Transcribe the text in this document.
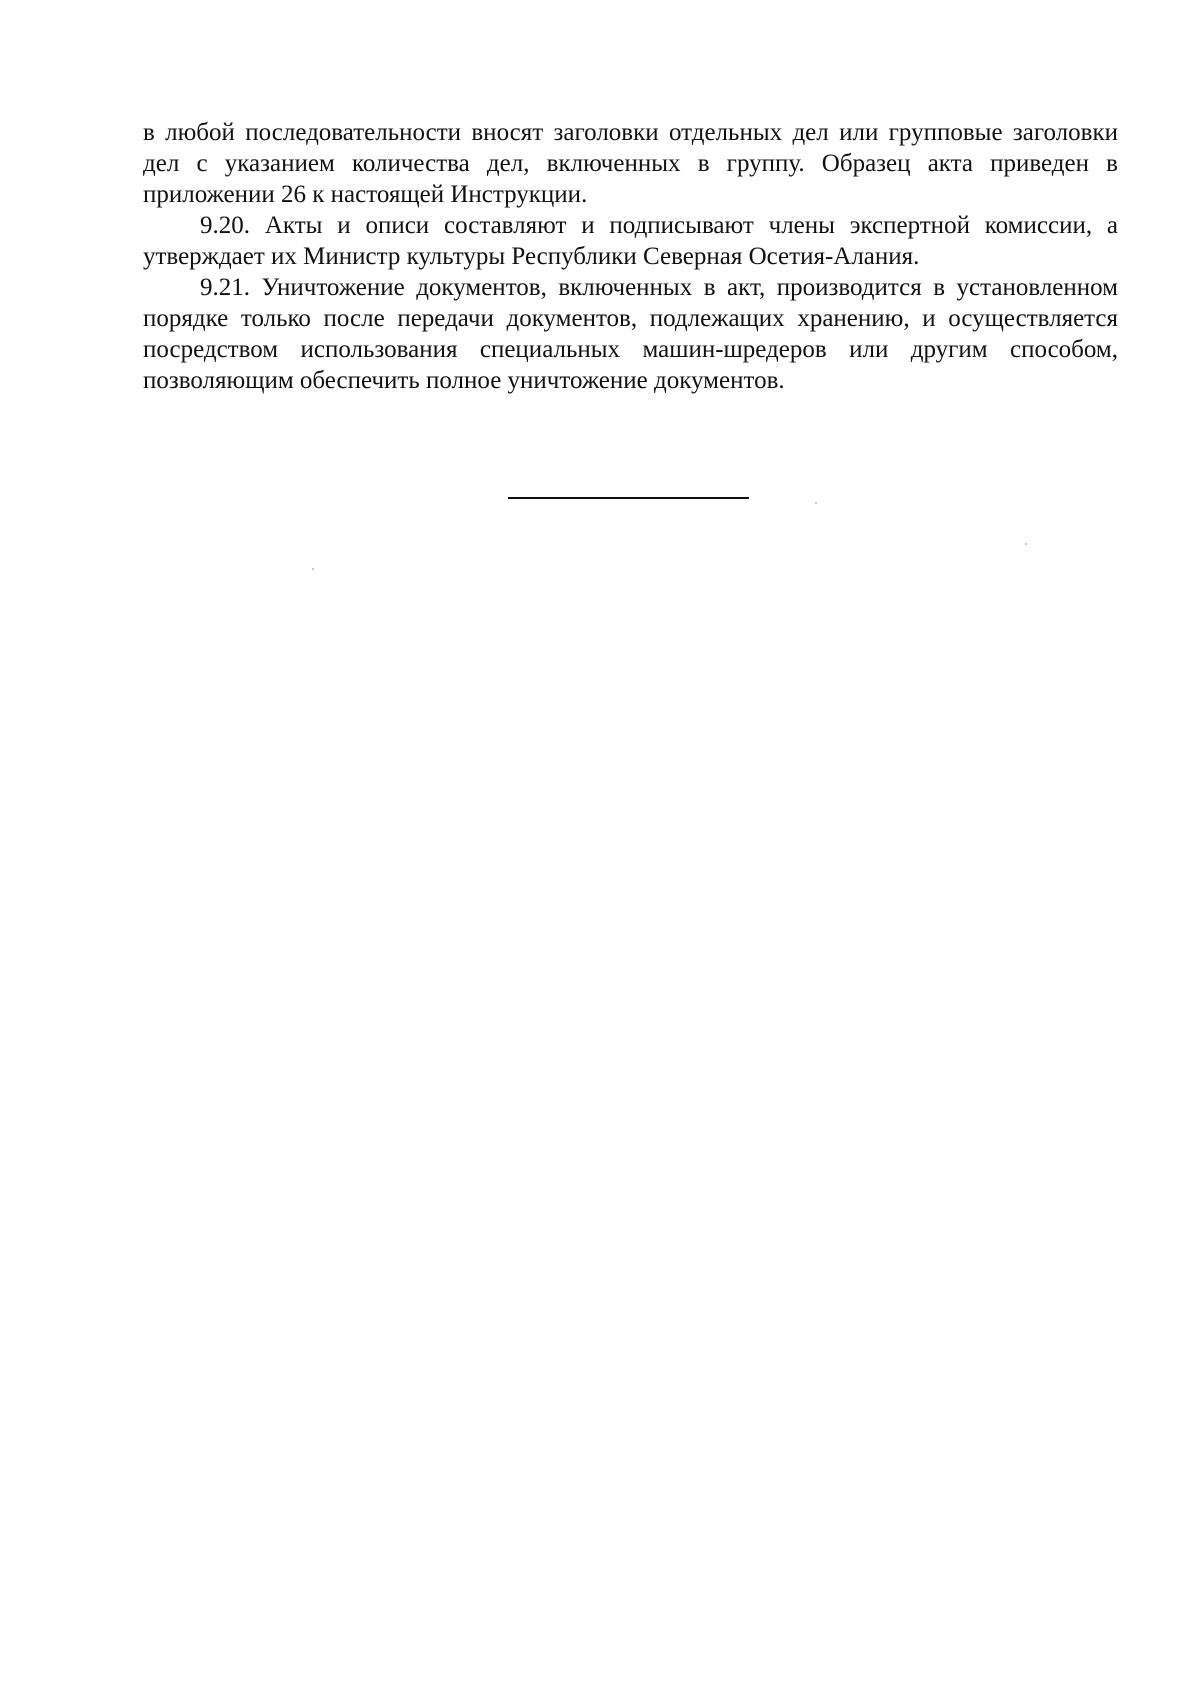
в любой последовательности вносят заголовки отдельных дел или групповые заголовки дел с указанием количества дел, включенных в группу. Образец акта приведен в приложении 26 к настоящей Инструкции.

9.20. Акты и описи составляют и подписывают члены экспертной комиссии, а утверждает их Министр культуры Республики Северная Осетия-Алания.

9.21. Уничтожение документов, включенных в акт, производится в установленном порядке только после передачи документов, подлежащих хранению, и осуществляется посредством использования специальных машин-шредеров или другим способом, позволяющим обеспечить полное уничтожение документов.
